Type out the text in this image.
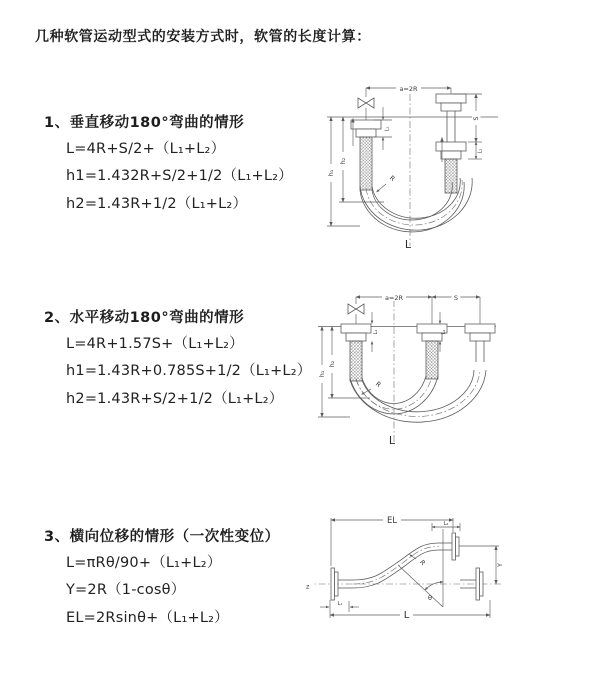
几种软管运动型式的安装方式时，软管的长度计算：
1、垂直移动180°弯曲的情形
L=4R+S/2+（L₁+L₂）
h1=1.432R+S/2+1/2（L₁+L₂）
h2=1.43R+1/2（L₁+L₂）
2、水平移动180°弯曲的情形
L=4R+1.57S+（L₁+L₂）
h1=1.43R+0.785S+1/2（L₁+L₂）
h2=1.43R+S/2+1/2（L₁+L₂）
3、横向位移的情形（一次性变位）
L=πRθ/90+（L₁+L₂）
Y=2R（1-cosθ）
EL=2Rsinθ+（L₁+L₂）
a=2R
h₁
h₂
L₁
S
L₂
R
L
a=2R	S
h₁
h₂
L₁	L₂
R
L
z
EL	L₂
θ
R	Y
L₁
L
